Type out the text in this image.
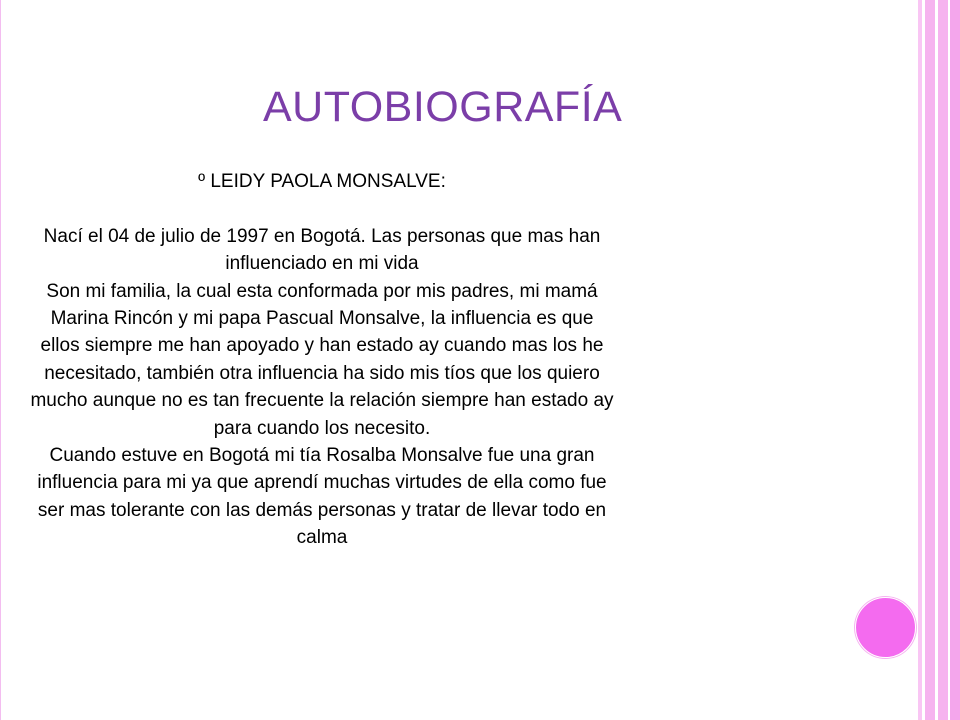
AUTOBIOGRAFÍA

º LEIDY PAOLA MONSALVE:

Nací el 04 de julio de 1997 en Bogotá. Las personas que mas han influenciado en mi vida

Son mi familia, la cual esta conformada por mis padres, mi mamá Marina Rincón y mi papa Pascual Monsalve, la influencia es que ellos siempre me han apoyado y han estado ay cuando mas los he necesitado, también otra influencia ha sido mis tíos que los quiero mucho aunque no es tan frecuente la relación siempre han estado ay para cuando los necesito.

Cuando estuve en Bogotá mi tía Rosalba Monsalve fue una gran influencia para mi ya que aprendí muchas virtudes de ella como fue ser mas tolerante con las demás personas y tratar de llevar todo en calma
